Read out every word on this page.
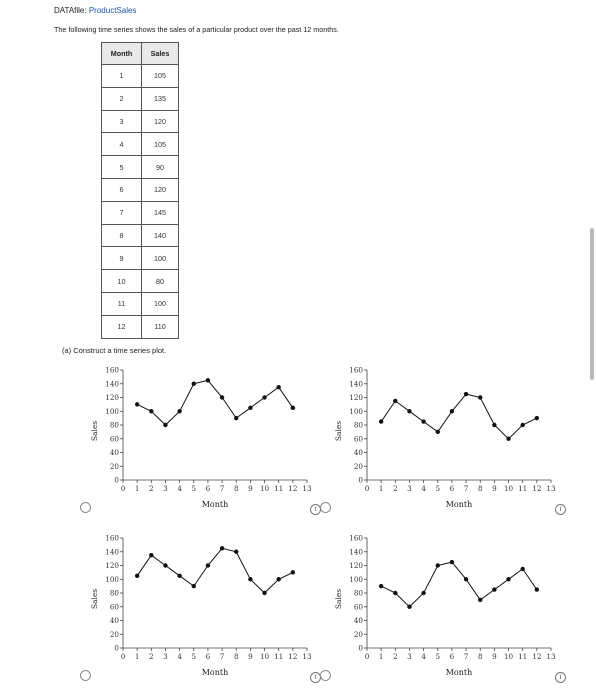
DATAfile: ProductSales
The following time series shows the sales of a particular product over the past 12 months.
Month	Sales
1	105
2	135
3	120
4	105
5	90
6	120
7	145
8	140
9	100
10	80
11	100
12	110
(a) Construct a time series plot.
0
20
40
60
80
100
120
140
160
0 1 2 3 4 5 6 7 8 9 10 11 12 13
Month
Sales
i
0
20
40
60
80
100
120
140
160
0 1 2 3 4 5 6 7 8 9 10 11 12 13
Month
Sales
i
0
20
40
60
80
100
120
140
160
0 1 2 3 4 5 6 7 8 9 10 11 12 13
Month
Sales
i
0
20
40
60
80
100
120
140
160
0 1 2 3 4 5 6 7 8 9 10 11 12 13
Month
Sales
i
